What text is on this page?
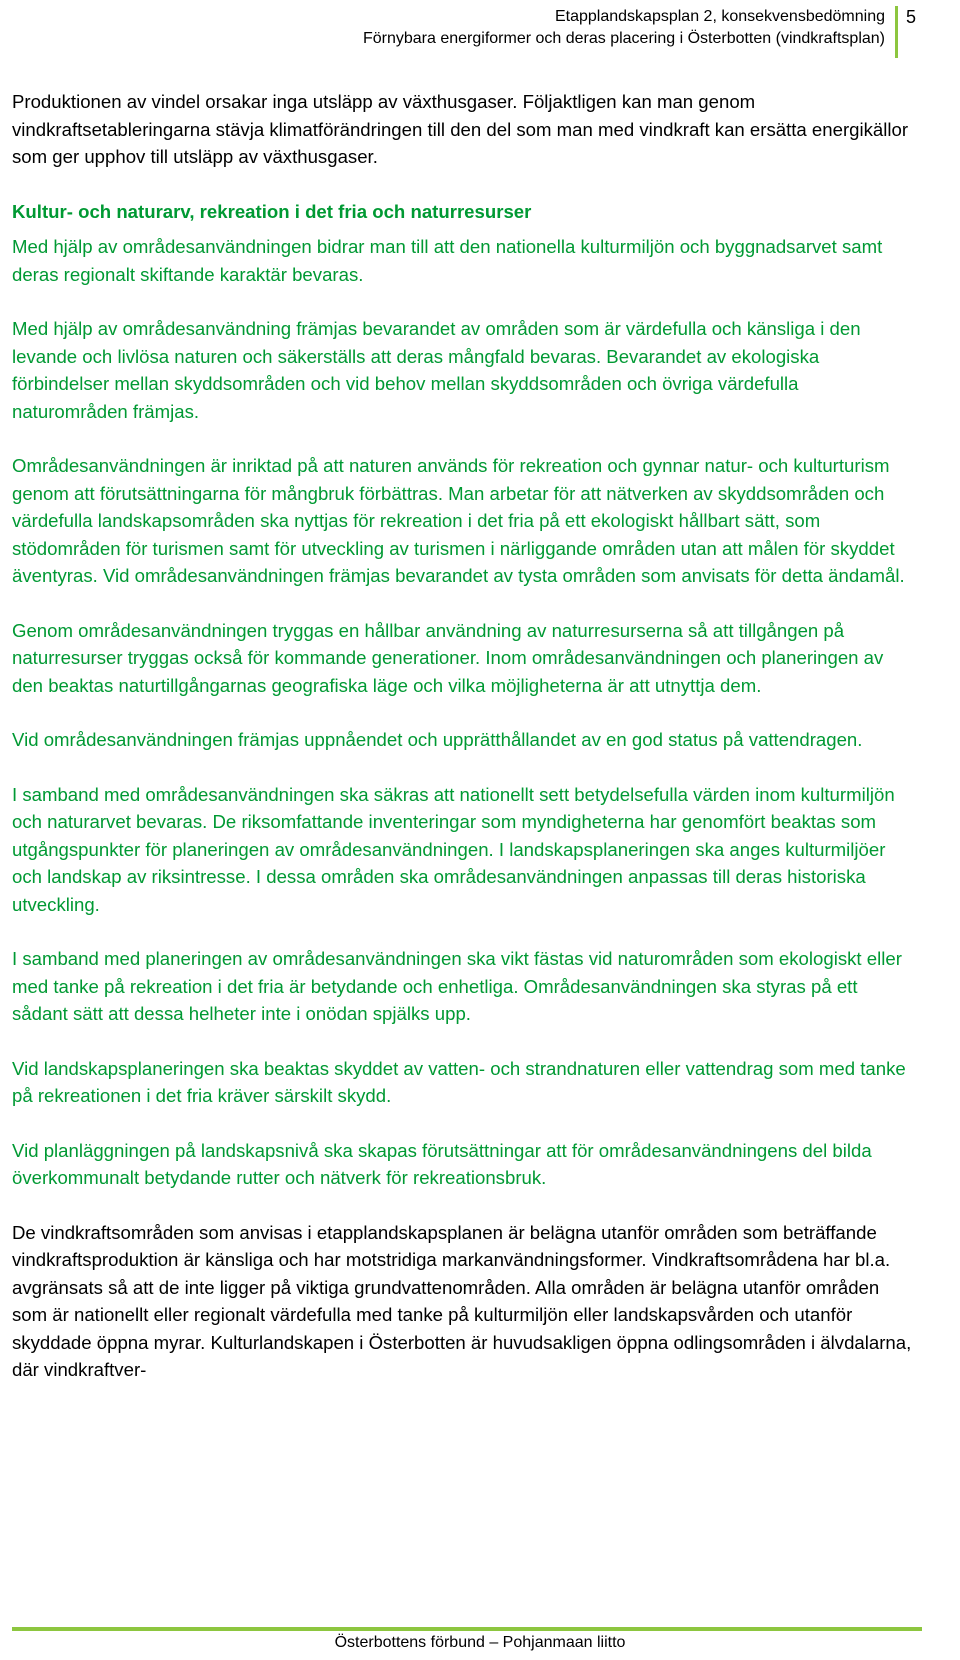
Etapplandskapsplan 2, konsekvensbedömning
Förnybara energiformer och deras placering i Österbotten (vindkraftsplan)
5

Produktionen av vindel orsakar inga utsläpp av växthusgaser. Följaktligen kan man genom vindkraftsetableringarna stävja klimatförändringen till den del som man med vindkraft kan ersätta energikällor som ger upphov till utsläpp av växthusgaser.

Kultur- och naturarv, rekreation i det fria och naturresurser

Med hjälp av områdesanvändningen bidrar man till att den nationella kulturmiljön och byggnadsarvet samt deras regionalt skiftande karaktär bevaras.

Med hjälp av områdesanvändning främjas bevarandet av områden som är värdefulla och känsliga i den levande och livlösa naturen och säkerställs att deras mångfald bevaras. Bevarandet av ekologiska förbindelser mellan skyddsområden och vid behov mellan skyddsområden och övriga värdefulla naturområden främjas.

Områdesanvändningen är inriktad på att naturen används för rekreation och gynnar natur- och kulturturism genom att förutsättningarna för mångbruk förbättras. Man arbetar för att nätverken av skyddsområden och värdefulla landskapsområden ska nyttjas för rekreation i det fria på ett ekologiskt hållbart sätt, som stödområden för turismen samt för utveckling av turismen i närliggande områden utan att målen för skyddet äventyras. Vid områdesanvändningen främjas bevarandet av tysta områden som anvisats för detta ändamål.

Genom områdesanvändningen tryggas en hållbar användning av naturresurserna så att tillgången på naturresurser tryggas också för kommande generationer. Inom områdesanvändningen och planeringen av den beaktas naturtillgångarnas geografiska läge och vilka möjligheterna är att utnyttja dem.

Vid områdesanvändningen främjas uppnåendet och upprätthållandet av en god status på vattendragen.

I samband med områdesanvändningen ska säkras att nationellt sett betydelsefulla värden inom kulturmiljön och naturarvet bevaras. De riksomfattande inventeringar som myndigheterna har genomfört beaktas som utgångspunkter för planeringen av områdesanvändningen. I landskapsplaneringen ska anges kulturmiljöer och landskap av riksintresse. I dessa områden ska områdesanvändningen anpassas till deras historiska utveckling.

I samband med planeringen av områdesanvändningen ska vikt fästas vid naturområden som ekologiskt eller med tanke på rekreation i det fria är betydande och enhetliga. Områdesanvändningen ska styras på ett sådant sätt att dessa helheter inte i onödan spjälks upp.

Vid landskapsplaneringen ska beaktas skyddet av vatten- och strandnaturen eller vattendrag som med tanke på rekreationen i det fria kräver särskilt skydd.

Vid planläggningen på landskapsnivå ska skapas förutsättningar att för områdesanvändningens del bilda överkommunalt betydande rutter och nätverk för rekreationsbruk.

De vindkraftsområden som anvisas i etapplandskapsplanen är belägna utanför områden som beträffande vindkraftsproduktion är känsliga och har motstridiga markanvändningsformer. Vindkraftsområdena har bl.a. avgränsats så att de inte ligger på viktiga grundvattenområden. Alla områden är belägna utanför områden som är nationellt eller regionalt värdefulla med tanke på kulturmiljön eller landskapsvården och utanför skyddade öppna myrar. Kulturlandskapen i Österbotten är huvudsakligen öppna odlingsområden i älvdalarna, där vindkraftver-

Österbottens förbund – Pohjanmaan liitto
